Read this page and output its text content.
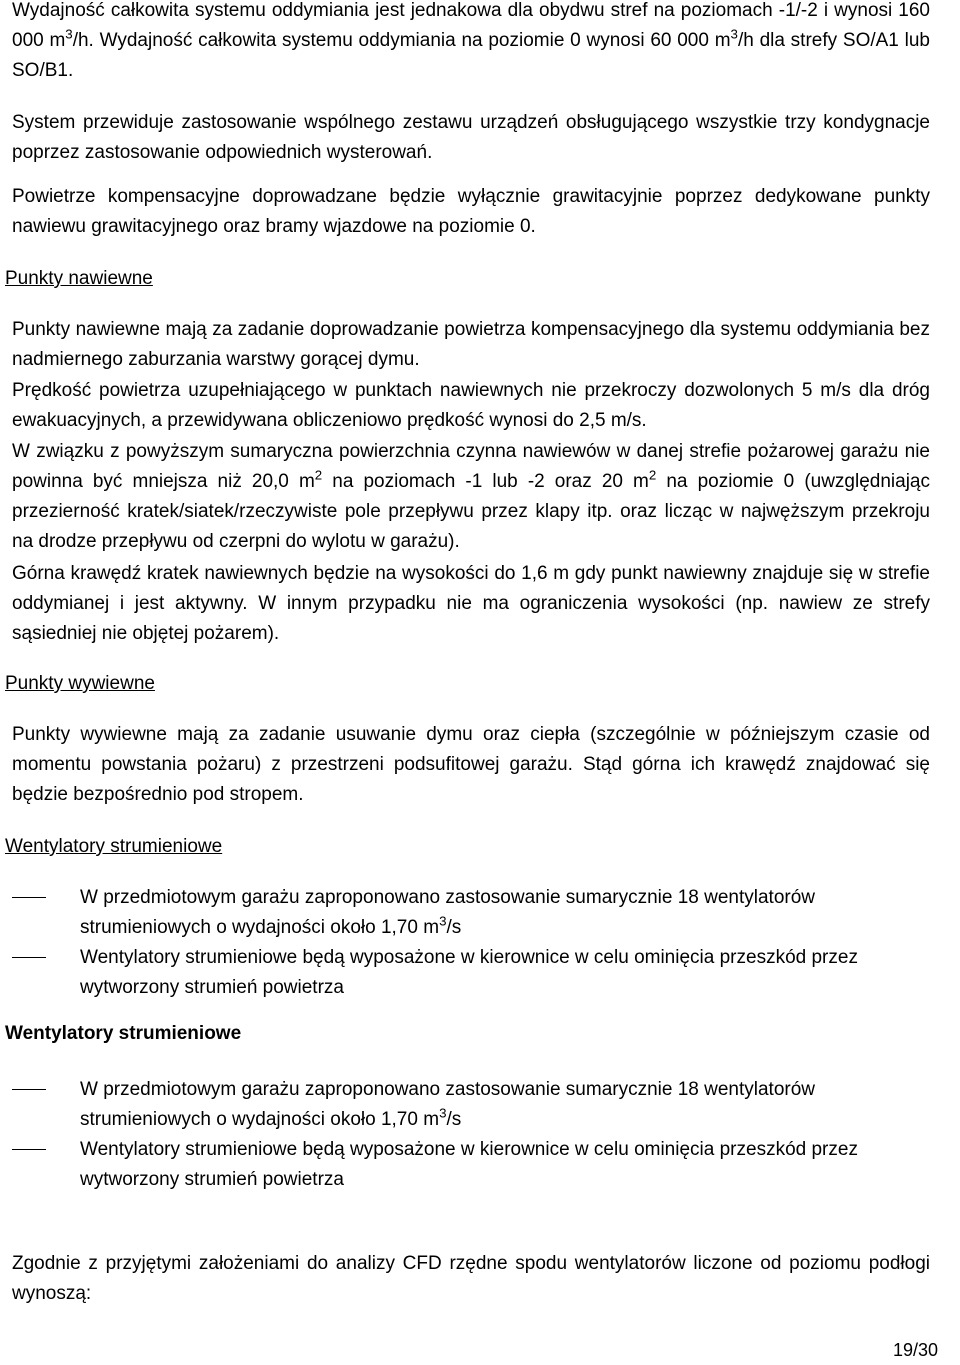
Wydajność całkowita systemu oddymiania jest jednakowa dla obydwu stref na poziomach -1/-2 i wynosi 160 000 $m^3/h$. Wydajność całkowita systemu oddymiania na poziomie 0 wynosi 60 000 $m^3/h$ dla strefy SO/A1 lub SO/B1.

System przewiduje zastosowanie wspólnego zestawu urządzeń obsługującego wszystkie trzy kondygnacje poprzez zastosowanie odpowiednich wysterowań.

Powietrze kompensacyjne doprowadzane będzie wyłącznie grawitacyjnie poprzez dedykowane punkty nawiewu grawitacyjnego oraz bramy wjazdowe na poziomie 0.

Punkty nawiewne

Punkty nawiewne mają za zadanie doprowadzanie powietrza kompensacyjnego dla systemu oddymiania bez nadmiernego zaburzania warstwy gorącej dymu.

Prędkość powietrza uzupełniającego w punktach nawiewnych nie przekroczy dozwolonych 5 m/s dla dróg ewakuacyjnych, a przewidywana obliczeniowo prędkość wynosi do 2,5 m/s.

W związku z powyższym sumaryczna powierzchnia czynna nawiewów w danej strefie pożarowej garażu nie powinna być mniejsza niż 20,0 $m^2$ na poziomach -1 lub -2 oraz 20 $m^2$ na poziomie 0 (uwzględniając przezierność kratek/siatek/rzeczywiste pole przepływu przez klapy itp. oraz licząc w najwęższym przekroju na drodze przepływu od czerpni do wylotu w garażu).

Górna krawędź kratek nawiewnych będzie na wysokości do 1,6 m gdy punkt nawiewny znajduje się w strefie oddymianej i jest aktywny. W innym przypadku nie ma ograniczenia wysokości (np. nawiew ze strefy sąsiedniej nie objętej pożarem).

Punkty wywiewne

Punkty wywiewne mają za zadanie usuwanie dymu oraz ciepła (szczególnie w późniejszym czasie od momentu powstania pożaru) z przestrzeni podsufitowej garażu. Stąd górna ich krawędź znajdować się będzie bezpośrednio pod stropem.

Wentylatory strumieniowe

W przedmiotowym garażu zaproponowano zastosowanie sumarycznie 18 wentylatorów strumieniowych o wydajności około 1,70 $m^3/s$
Wentylatory strumieniowe będą wyposażone w kierownice w celu ominięcia przeszkód przez wytworzony strumień powietrza

Wentylatory strumieniowe

W przedmiotowym garażu zaproponowano zastosowanie sumarycznie 18 wentylatorów strumieniowych o wydajności około 1,70 $m^3/s$
Wentylatory strumieniowe będą wyposażone w kierownice w celu ominięcia przeszkód przez wytworzony strumień powietrza

Zgodnie z przyjętymi założeniami do analizy CFD rzędne spodu wentylatorów liczone od poziomu podłogi wynoszą:

19/30
